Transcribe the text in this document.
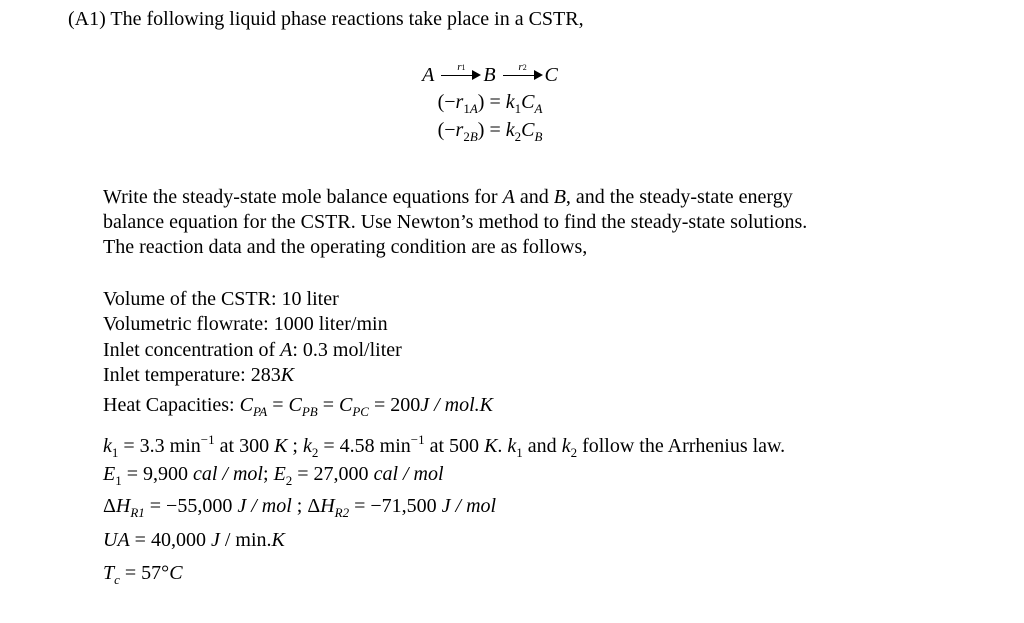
(A1) The following liquid phase reactions take place in a CSTR,
A	r1 B	r2 C
$(-r_{1A}) = k_1C_A$
$(-r_{2B}) = k_2C_B$
Write the steady-state mole balance equations for A and B, and the steady-state energy
balance equation for the CSTR. Use Newton’s method to find the steady-state solutions.
The reaction data and the operating condition are as follows,
Volume of the CSTR: 10 liter
Volumetric flowrate: 1000 liter/min
Inlet concentration of A: 0.3 mol/liter
Inlet temperature: 283K
Heat Capacities: $C_{PA} = C_{PB} = C_{PC} = 200J / mol.K$
$k_1 = 3.3$ $\min^{-1}$ at 300 K ; $k_2 = 4.58$ $\min^{-1}$ at 500 K. $k_1$ and $k_2$ follow the Arrhenius law.
$E_1 = 9,900$ cal / mol; $E_2 = 27,000$ cal / mol
$\Delta H_{R1} = -55,000$ J / mol ; $\Delta H_{R2} = -71,500$ J / mol
UA = 40,000 J / min.K
$T_c = 57^\circ C$
